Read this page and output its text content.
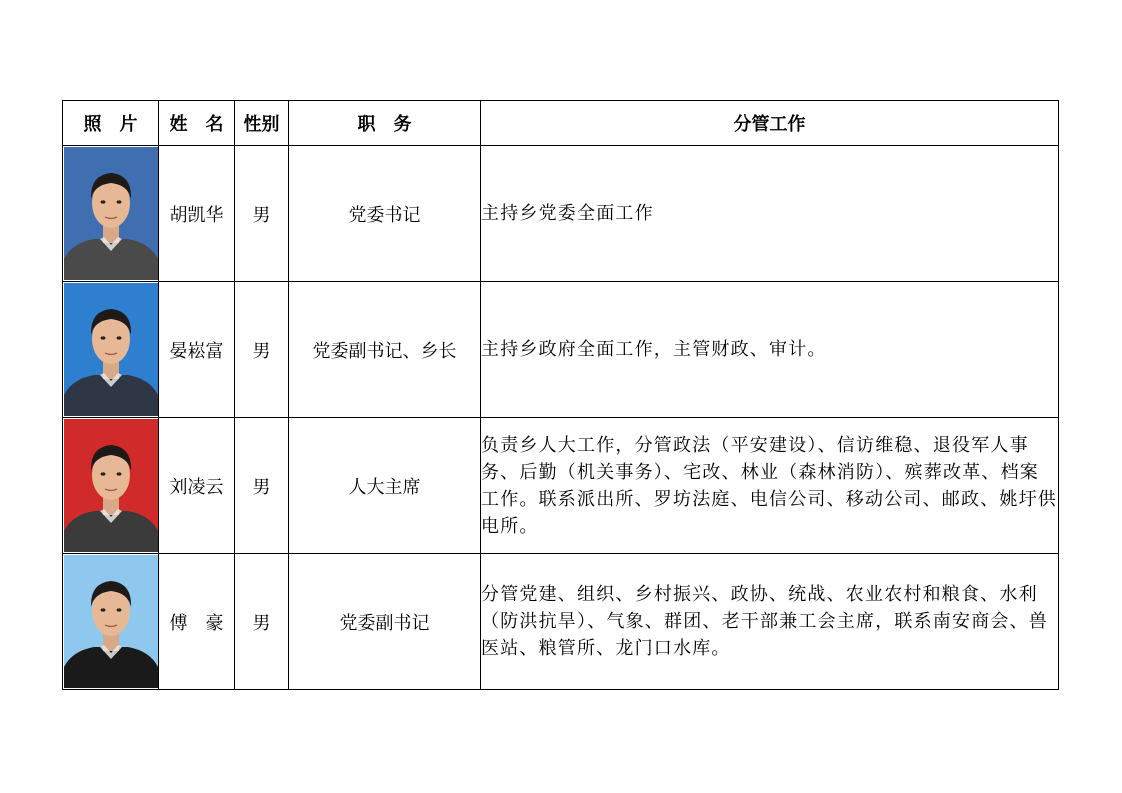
照　片	姓　名	性别	职　务	分管工作

	胡凯华	男	党委书记	主持乡党委全面工作

	晏崧富	男	党委副书记、乡长	主持乡政府全面工作，主管财政、审计。

	刘凌云	男	人大主席	负责乡人大工作，分管政法（平安建设）、信访维稳、退役军人事务、后勤（机关事务）、宅改、林业（森林消防）、殡葬改革、档案工作。联系派出所、罗坊法庭、电信公司、移动公司、邮政、姚圩供电所。

	傅　豪	男	党委副书记	分管党建、组织、乡村振兴、政协、统战、农业农村和粮食、水利（防洪抗旱）、气象、群团、老干部兼工会主席，联系南安商会、兽医站、粮管所、龙门口水库。
